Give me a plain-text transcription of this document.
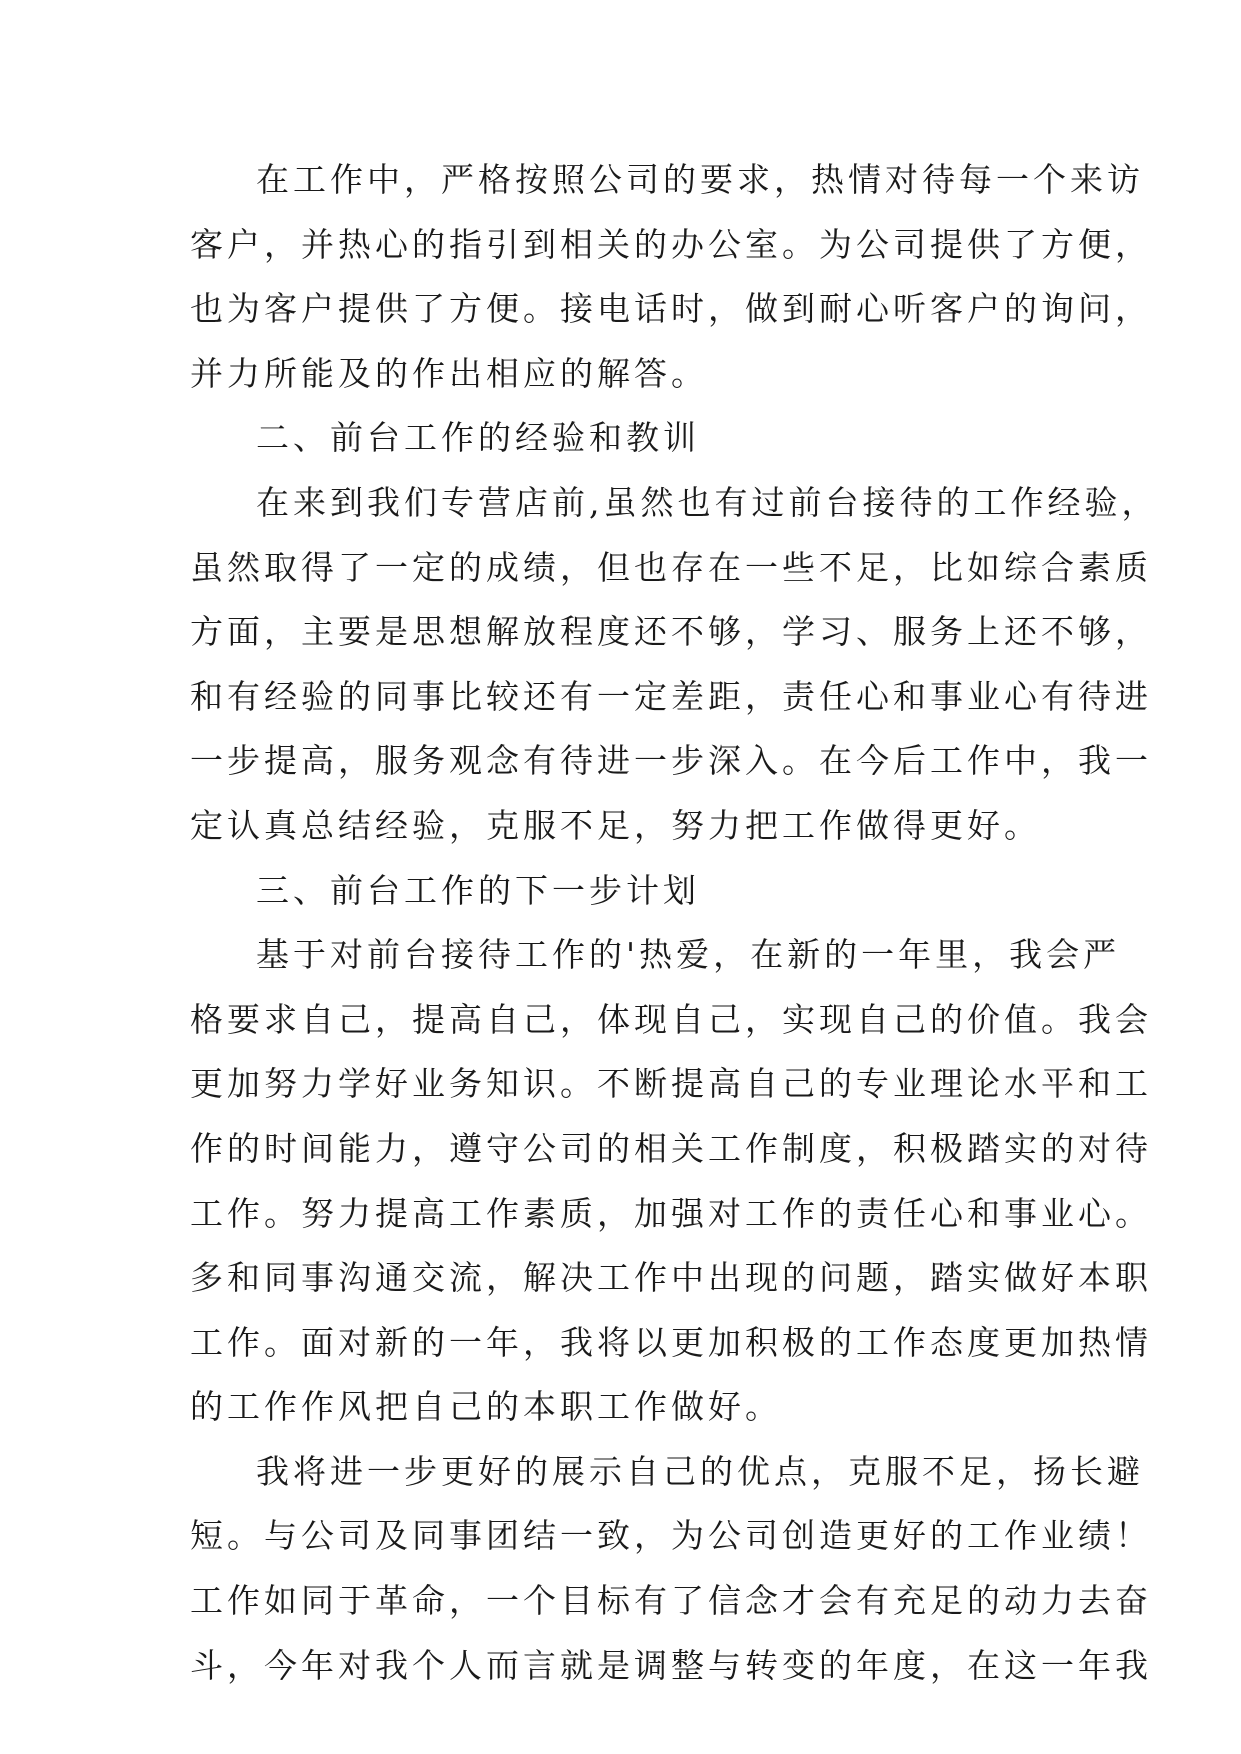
在工作中，严格按照公司的要求，热情对待每一个来访
客户，并热心的指引到相关的办公室。为公司提供了方便，
也为客户提供了方便。接电话时，做到耐心听客户的询问，
并力所能及的作出相应的解答。
二、前台工作的经验和教训
在来到我们专营店前,虽然也有过前台接待的工作经验，
虽然取得了一定的成绩，但也存在一些不足，比如综合素质
方面，主要是思想解放程度还不够，学习、服务上还不够，
和有经验的同事比较还有一定差距，责任心和事业心有待进
一步提高，服务观念有待进一步深入。在今后工作中，我一
定认真总结经验，克服不足，努力把工作做得更好。
三、前台工作的下一步计划
基于对前台接待工作的'热爱，在新的一年里，我会严
格要求自己，提高自己，体现自己，实现自己的价值。我会
更加努力学好业务知识。不断提高自己的专业理论水平和工
作的时间能力，遵守公司的相关工作制度，积极踏实的对待
工作。努力提高工作素质，加强对工作的责任心和事业心。
多和同事沟通交流，解决工作中出现的问题，踏实做好本职
工作。面对新的一年，我将以更加积极的工作态度更加热情
的工作作风把自己的本职工作做好。
我将进一步更好的展示自己的优点，克服不足，扬长避
短。与公司及同事团结一致，为公司创造更好的工作业绩！
工作如同于革命，一个目标有了信念才会有充足的动力去奋
斗，今年对我个人而言就是调整与转变的年度，在这一年我
